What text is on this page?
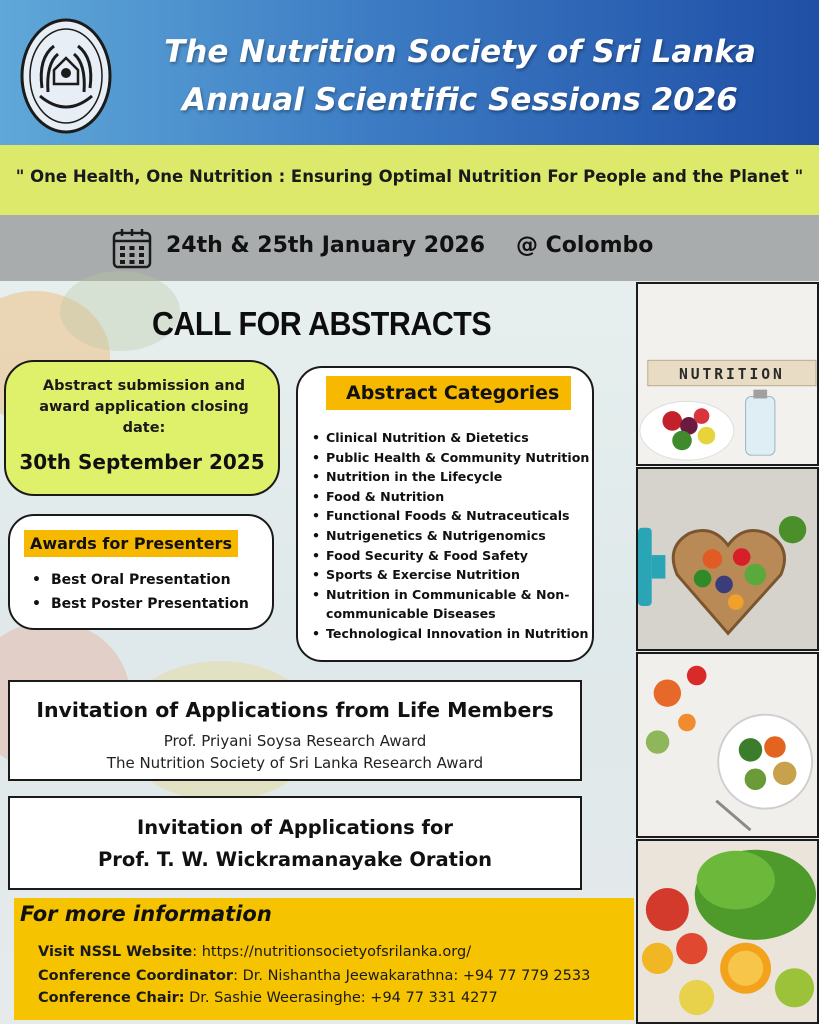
The Nutrition Society of Sri Lanka
Annual Scientific Sessions 2026
" One Health, One Nutrition : Ensuring Optimal Nutrition For People and the Planet "
24th & 25th January 2026 @ Colombo
CALL FOR ABSTRACTS
Abstract submission and award application closing date:
30th September 2025
Awards for Presenters
• Best Oral Presentation
• Best Poster Presentation
Abstract Categories
• Clinical Nutrition & Dietetics
• Public Health & Community Nutrition
• Nutrition in the Lifecycle
• Food & Nutrition
• Functional Foods & Nutraceuticals
• Nutrigenetics & Nutrigenomics
• Food Security & Food Safety
• Sports & Exercise Nutrition
• Nutrition in Communicable & Non-communicable Diseases
• Technological Innovation in Nutrition
Invitation of Applications from Life Members
Prof. Priyani Soysa Research Award
The Nutrition Society of Sri Lanka Research Award
Invitation of Applications for
Prof. T. W. Wickramanayake Oration
For more information
Visit NSSL Website: https://nutritionsocietyofsrilanka.org/
Conference Coordinator: Dr. Nishantha Jeewakarathna: +94 77 779 2533
Conference Chair: Dr. Sashie Weerasinghe: +94 77 331 4277
NUTRITION
